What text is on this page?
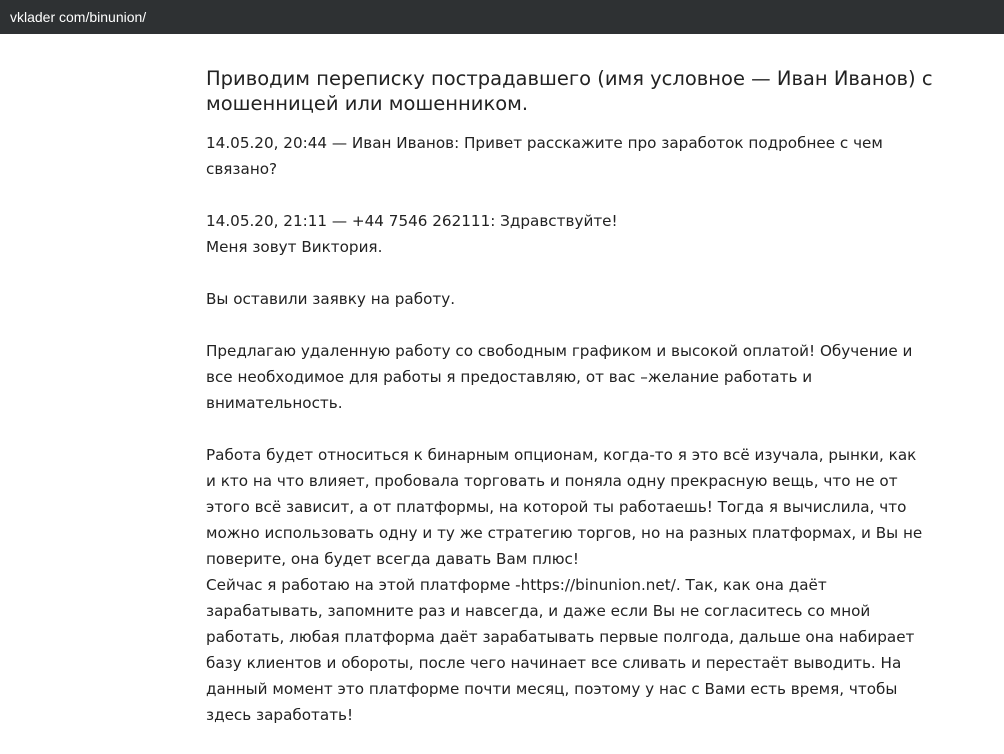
vklader com/binunion/
Приводим переписку пострадавшего (имя условное — Иван Иванов) с мошенницей или мошенником.

14.05.20, 20:44 — Иван Иванов: Привет расскажите про заработок подробнее с чем
связано?

14.05.20, 21:11 — +44 7546 262111: Здравствуйте!
Меня зовут Виктория.

Вы оставили заявку на работу.

Предлагаю удаленную работу со свободным графиком и высокой оплатой! Обучение и
все необходимое для работы я предоставляю, от вас –желание работать и
внимательность.

Работа будет относиться к бинарным опционам, когда-то я это всё изучала, рынки, как
и кто на что влияет, пробовала торговать и поняла одну прекрасную вещь, что не от
этого всё зависит, а от платформы, на которой ты работаешь! Тогда я вычислила, что
можно использовать одну и ту же стратегию торгов, но на разных платформах, и Вы не
поверите, она будет всегда давать Вам плюс!
Сейчас я работаю на этой платформе -https://binunion.net/. Так, как она даёт
зарабатывать, запомните раз и навсегда, и даже если Вы не согласитесь со мной
работать, любая платформа даёт зарабатывать первые полгода, дальше она набирает
базу клиентов и обороты, после чего начинает все сливать и перестаёт выводить. На
данный момент это платформе почти месяц, поэтому у нас с Вами есть время, чтобы
здесь заработать!
